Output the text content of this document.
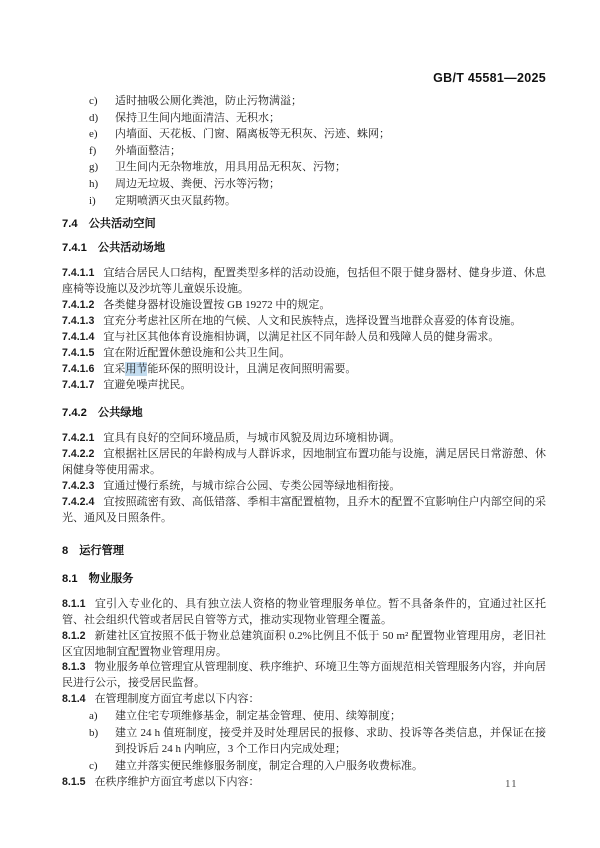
GB/T 45581—2025
c) 适时抽吸公厕化粪池，防止污物满溢；
d) 保持卫生间内地面清洁、无积水；
e) 内墙面、天花板、门窗、隔离板等无积灰、污迹、蛛网；
f) 外墙面整洁；
g) 卫生间内无杂物堆放，用具用品无积灰、污物；
h) 周边无垃圾、粪便、污水等污物；
i) 定期喷洒灭虫灭鼠药物。
7.4 公共活动空间
7.4.1 公共活动场地

7.4.1.1 宜结合居民人口结构，配置类型多样的活动设施，包括但不限于健身器材、健身步道、休息座椅等设施以及沙坑等儿童娱乐设施。

7.4.1.2 各类健身器材设施设置按 GB 19272 中的规定。

7.4.1.3 宜充分考虑社区所在地的气候、人文和民族特点，选择设置当地群众喜爱的体育设施。

7.4.1.4 宜与社区其他体育设施相协调，以满足社区不同年龄人员和残障人员的健身需求。

7.4.1.5 宜在附近配置休憩设施和公共卫生间。

7.4.1.6 宜采用节能环保的照明设计，且满足夜间照明需要。

7.4.1.7 宜避免噪声扰民。

7.4.2 公共绿地

7.4.2.1 宜具有良好的空间环境品质，与城市风貌及周边环境相协调。

7.4.2.2 宜根据社区居民的年龄构成与人群诉求，因地制宜布置功能与设施，满足居民日常游憩、休闲健身等使用需求。

7.4.2.3 宜通过慢行系统，与城市综合公园、专类公园等绿地相衔接。

7.4.2.4 宜按照疏密有致、高低错落、季相丰富配置植物，且乔木的配置不宜影响住户内部空间的采光、通风及日照条件。

8 运行管理
8.1 物业服务

8.1.1 宜引入专业化的、具有独立法人资格的物业管理服务单位。暂不具备条件的，宜通过社区托管、社会组织代管或者居民自管等方式，推动实现物业管理全覆盖。

8.1.2 新建社区宜按照不低于物业总建筑面积 0.2%比例且不低于 50 m² 配置物业管理用房，老旧社区宜因地制宜配置物业管理用房。

8.1.3 物业服务单位管理宜从管理制度、秩序维护、环境卫生等方面规范相关管理服务内容，并向居民进行公示，接受居民监督。

8.1.4 在管理制度方面宜考虑以下内容：

a) 建立住宅专项维修基金，制定基金管理、使用、续筹制度；
b) 建立 24 h 值班制度，接受并及时处理居民的报修、求助、投诉等各类信息，并保证在接到投诉后 24 h 内响应，3 个工作日内完成处理；
c) 建立并落实便民维修服务制度，制定合理的入户服务收费标准。

8.1.5 在秩序维护方面宜考虑以下内容：	11
